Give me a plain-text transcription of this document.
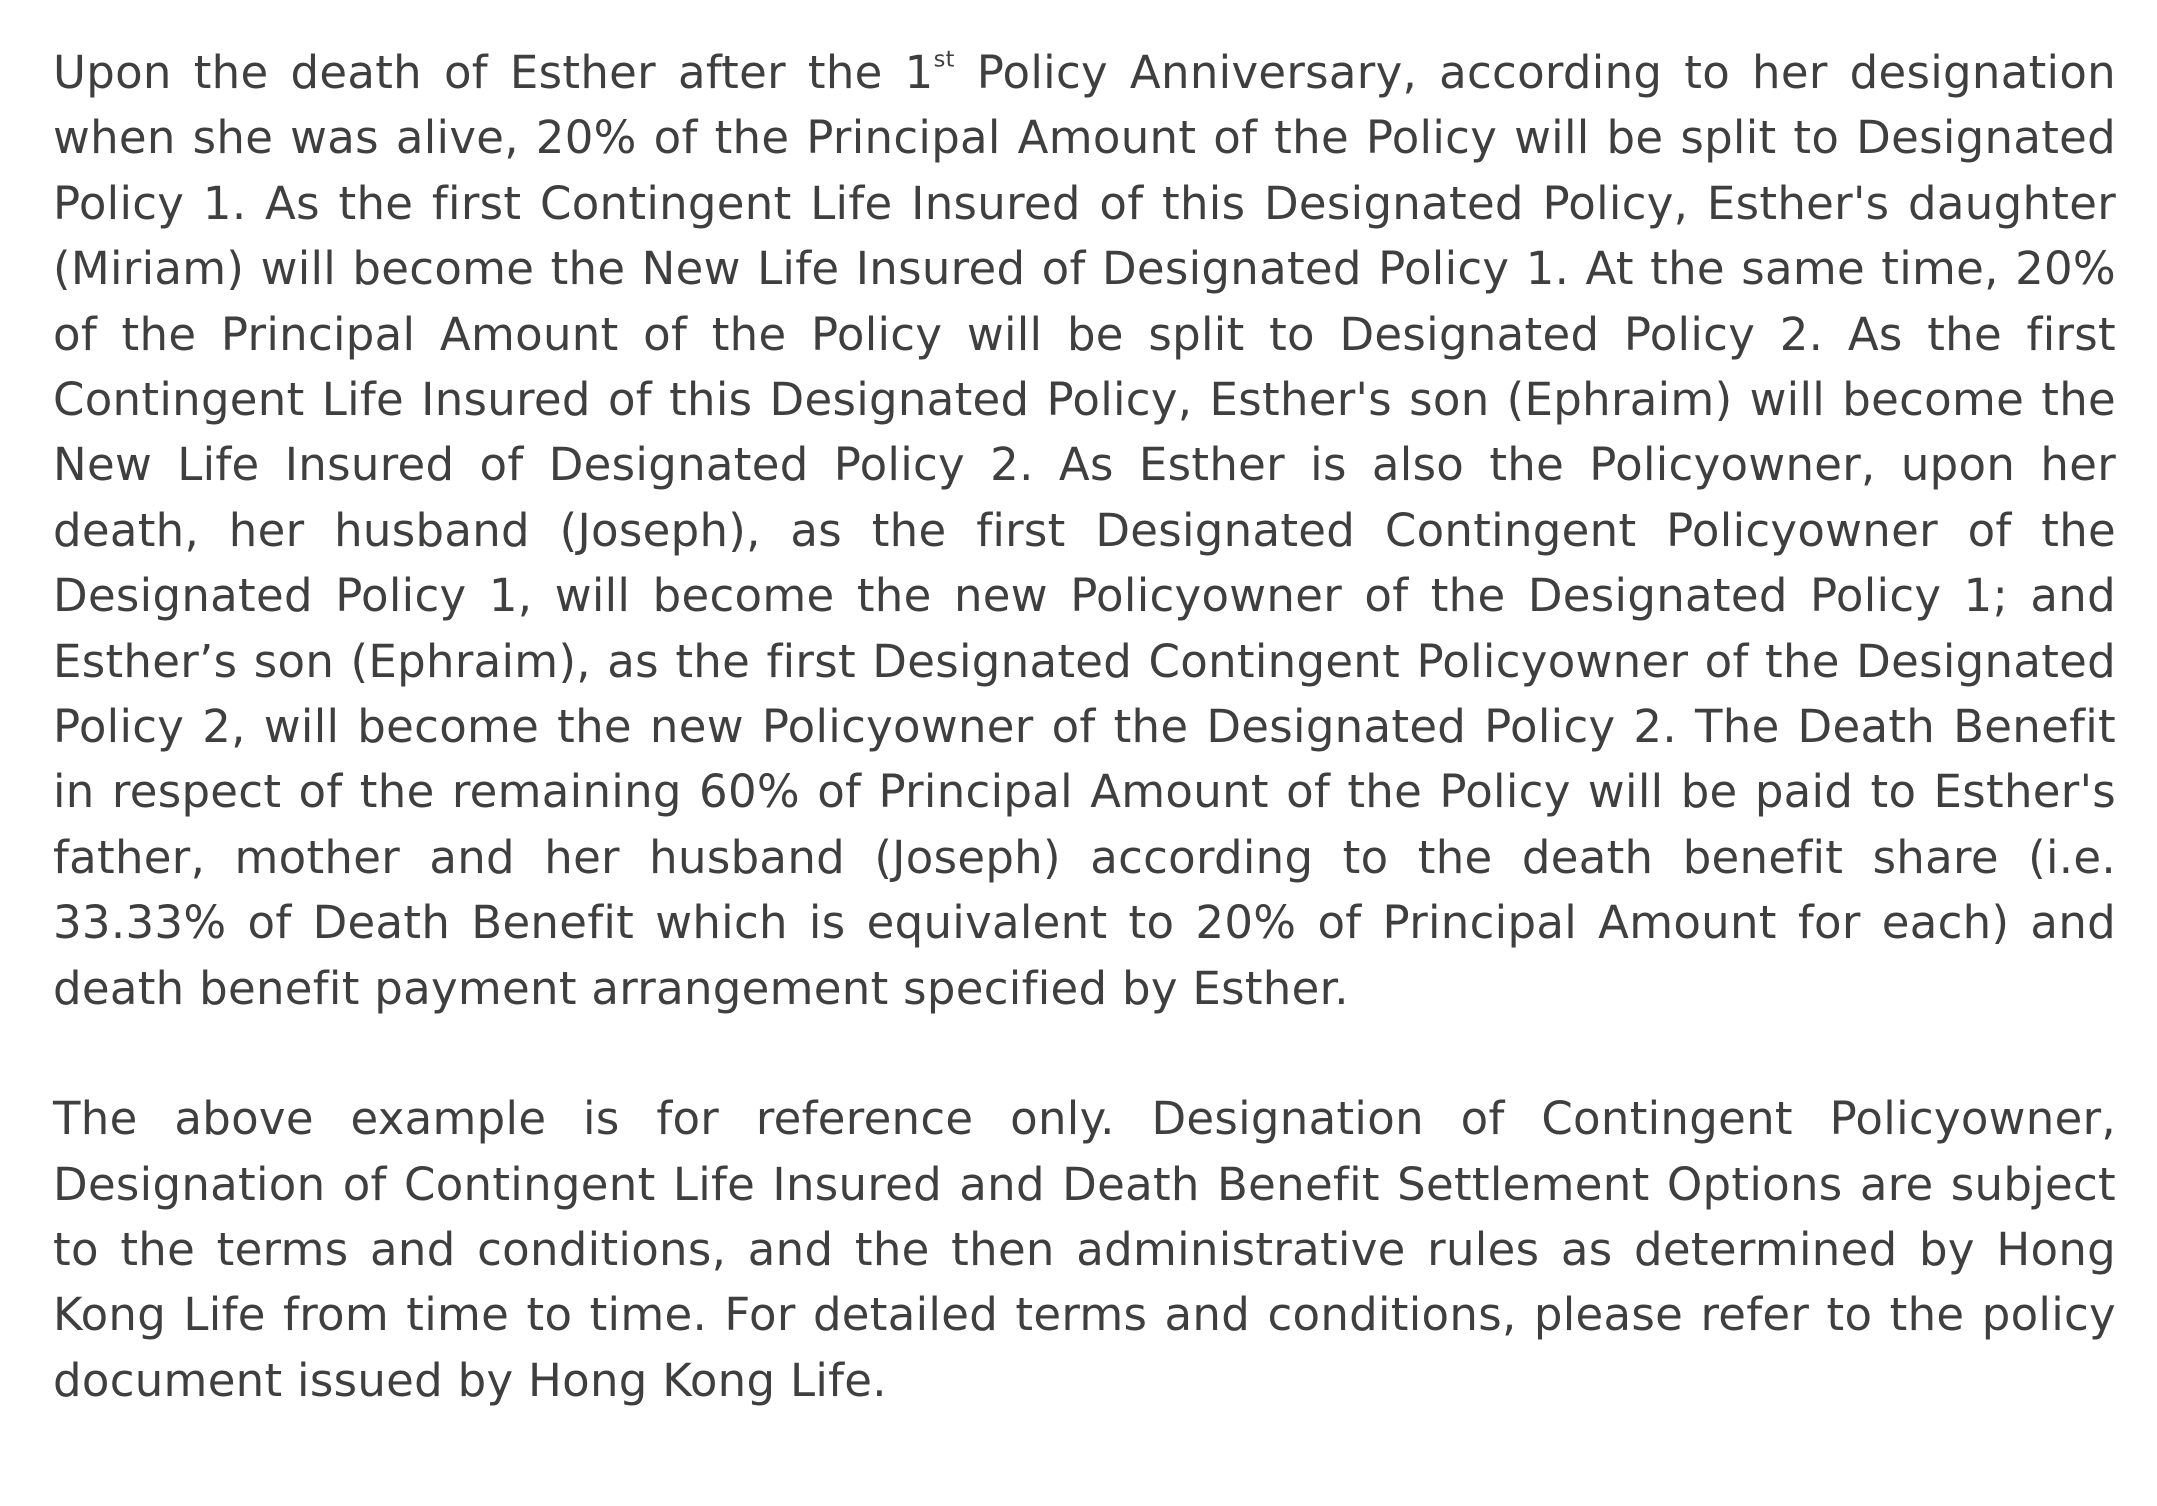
Upon the death of Esther after the 1st Policy Anniversary, according to her designation when she was alive, 20% of the Principal Amount of the Policy will be split to Designated Policy 1. As the first Contingent Life Insured of this Designated Policy, Esther's daughter (Miriam) will become the New Life Insured of Designated Policy 1. At the same time, 20% of the Principal Amount of the Policy will be split to Designated Policy 2. As the first Contingent Life Insured of this Designated Policy, Esther's son (Ephraim) will become the New Life Insured of Designated Policy 2. As Esther is also the Policyowner, upon her death, her husband (Joseph), as the first Designated Contingent Policyowner of the Designated Policy 1, will become the new Policyowner of the Designated Policy 1; and Esther’s son (Ephraim), as the first Designated Contingent Policyowner of the Designated Policy 2, will become the new Policyowner of the Designated Policy 2. The Death Benefit in respect of the remaining 60% of Principal Amount of the Policy will be paid to Esther's father, mother and her husband (Joseph) according to the death benefit share (i.e. 33.33% of Death Benefit which is equivalent to 20% of Principal Amount for each) and death benefit payment arrangement specified by Esther.

The above example is for reference only. Designation of Contingent Policyowner, Designation of Contingent Life Insured and Death Benefit Settlement Options are subject to the terms and conditions, and the then administrative rules as determined by Hong Kong Life from time to time. For detailed terms and conditions, please refer to the policy document issued by Hong Kong Life.
